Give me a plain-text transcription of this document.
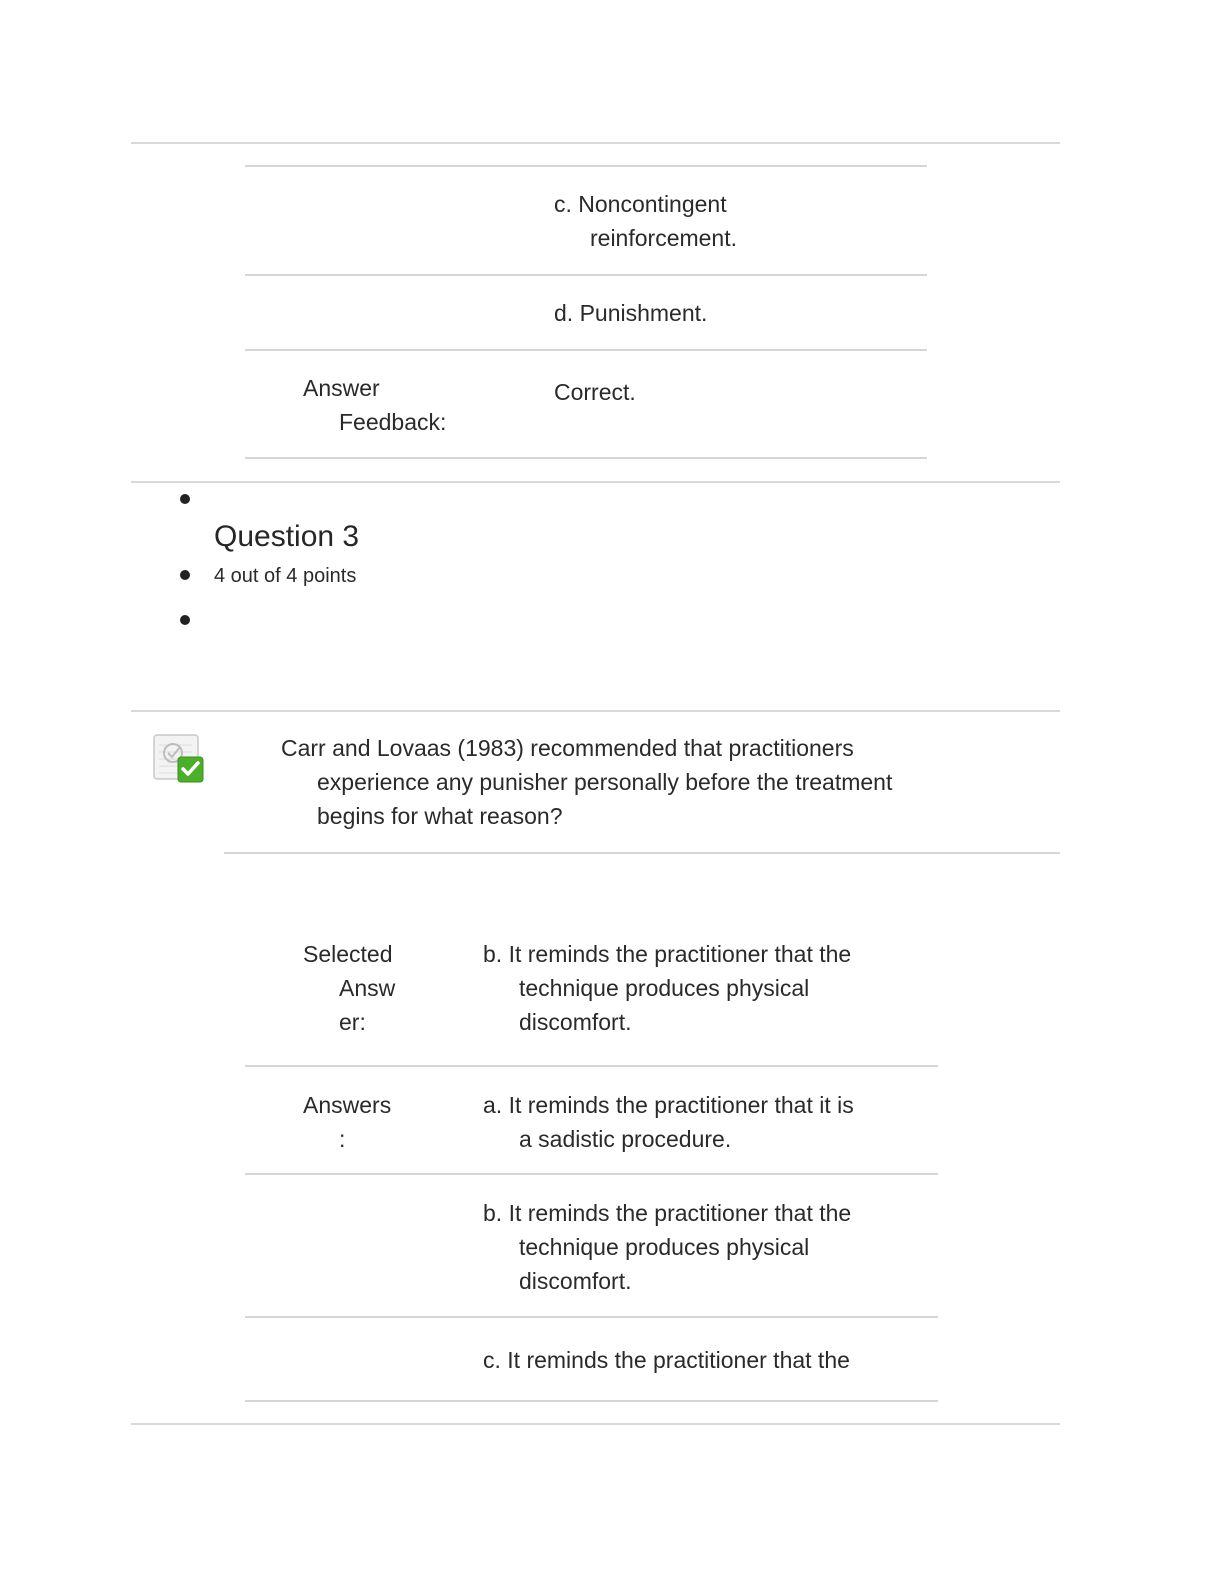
c. Noncontingent
reinforcement.
d. Punishment.
Answer
Feedback:
Correct.
Question 3
4 out of 4 points
Carr and Lovaas (1983) recommended that practitioners
experience any punisher personally before the treatment
begins for what reason?
Selected
Answ
er:
b. It reminds the practitioner that the
technique produces physical
discomfort.
Answers
:
a. It reminds the practitioner that it is
a sadistic procedure.
b. It reminds the practitioner that the
technique produces physical
discomfort.
c. It reminds the practitioner that the
